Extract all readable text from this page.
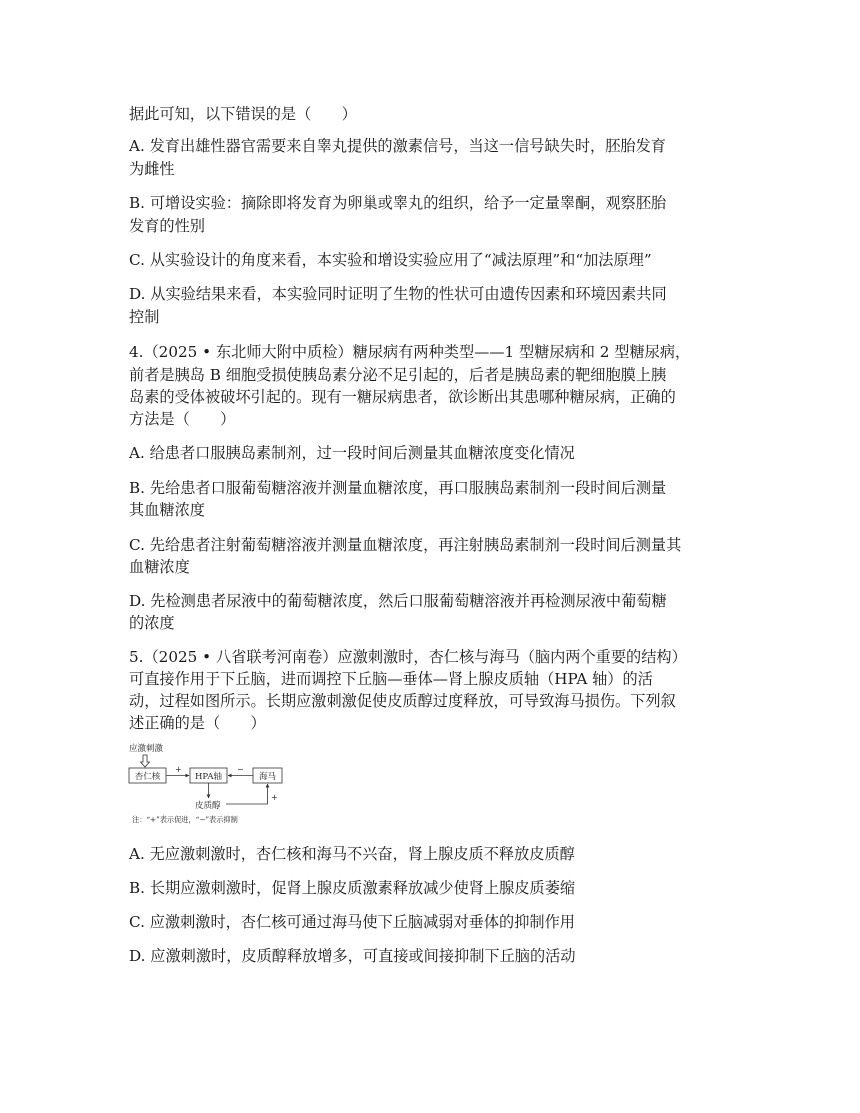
据此可知，以下错误的是（　　）

A. 发育出雄性器官需要来自睾丸提供的激素信号，当这一信号缺失时，胚胎发育

为雌性

B. 可增设实验：摘除即将发育为卵巢或睾丸的组织，给予一定量睾酮，观察胚胎

发育的性别

C. 从实验设计的角度来看，本实验和增设实验应用了“减法原理”和“加法原理”

D. 从实验结果来看，本实验同时证明了生物的性状可由遗传因素和环境因素共同

控制

4.（2025 • 东北师大附中质检）糖尿病有两种类型——1 型糖尿病和 2 型糖尿病，

前者是胰岛 B 细胞受损使胰岛素分泌不足引起的，后者是胰岛素的靶细胞膜上胰

岛素的受体被破坏引起的。现有一糖尿病患者，欲诊断出其患哪种糖尿病，正确的

方法是（　　）

A. 给患者口服胰岛素制剂，过一段时间后测量其血糖浓度变化情况

B. 先给患者口服葡萄糖溶液并测量血糖浓度，再口服胰岛素制剂一段时间后测量

其血糖浓度

C. 先给患者注射葡萄糖溶液并测量血糖浓度，再注射胰岛素制剂一段时间后测量其

血糖浓度

D. 先检测患者尿液中的葡萄糖浓度，然后口服葡萄糖溶液并再检测尿液中葡萄糖

的浓度

5.（2025 • 八省联考河南卷）应激刺激时，杏仁核与海马（脑内两个重要的结构）

可直接作用于下丘脑，进而调控下丘脑—垂体—肾上腺皮质轴（HPA 轴）的活

动，过程如图所示。长期应激刺激促使皮质醇过度释放，可导致海马损伤。下列叙

述正确的是（　　）

应激刺激
杏仁核	HPA轴	海马
+	−
皮质醇
+
注：“+”表示促进，“−”表示抑制

A. 无应激刺激时，杏仁核和海马不兴奋，肾上腺皮质不释放皮质醇

B. 长期应激刺激时，促肾上腺皮质激素释放减少使肾上腺皮质萎缩

C. 应激刺激时，杏仁核可通过海马使下丘脑减弱对垂体的抑制作用

D. 应激刺激时，皮质醇释放增多，可直接或间接抑制下丘脑的活动
